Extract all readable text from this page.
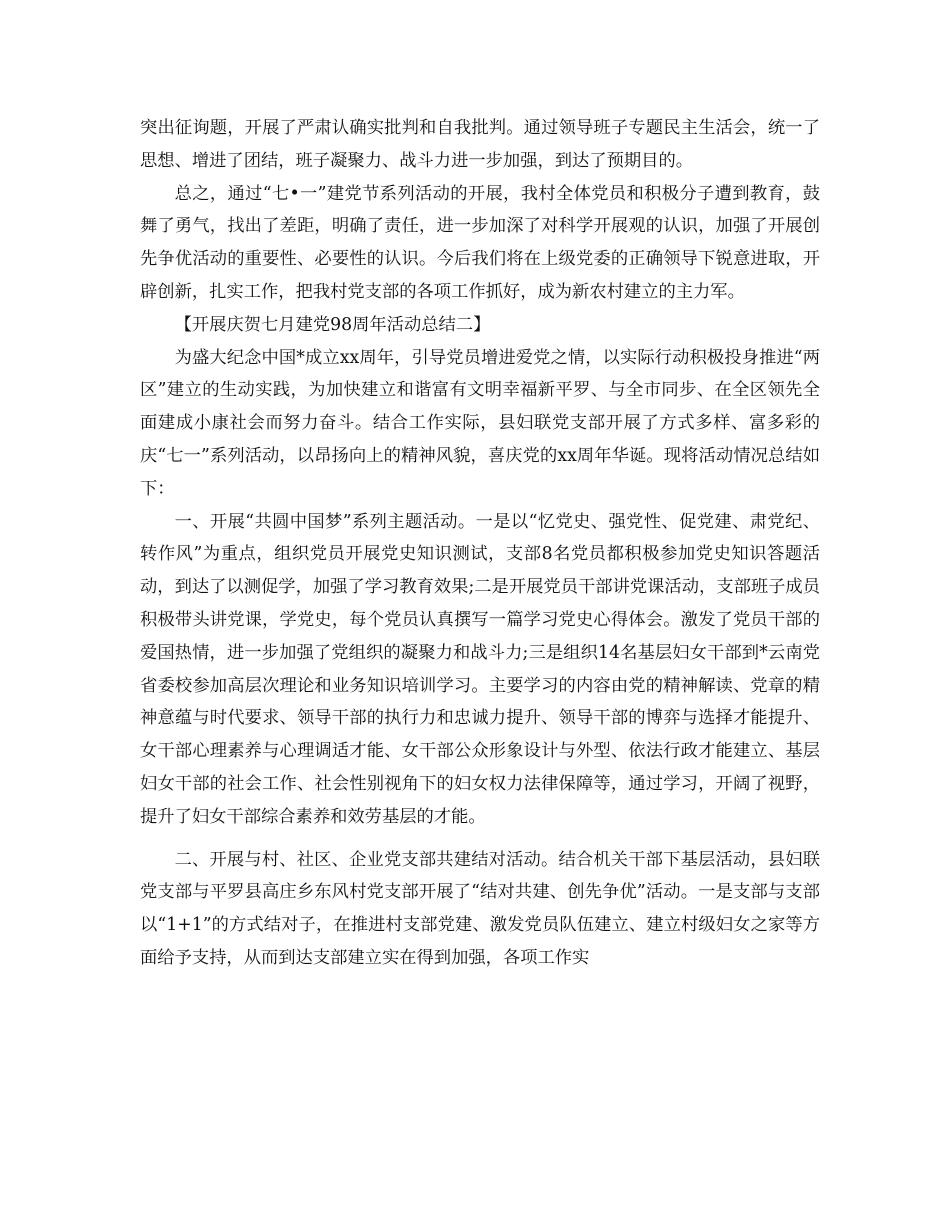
突出征询题，开展了严肃认确实批判和自我批判。通过领导班子专题民主生活会，统一了思想、增进了团结，班子凝聚力、战斗力进一步加强，到达了预期目的。

总之，通过“七•一”建党节系列活动的开展，我村全体党员和积极分子遭到教育，鼓舞了勇气，找出了差距，明确了责任，进一步加深了对科学开展观的认识，加强了开展创先争优活动的重要性、必要性的认识。今后我们将在上级党委的正确领导下锐意进取，开辟创新，扎实工作，把我村党支部的各项工作抓好，成为新农村建立的主力军。

【开展庆贺七月建党98周年活动总结二】

为盛大纪念中国*成立xx周年，引导党员增进爱党之情，以实际行动积极投身推进“两区”建立的生动实践，为加快建立和谐富有文明幸福新平罗、与全市同步、在全区领先全面建成小康社会而努力奋斗。结合工作实际，县妇联党支部开展了方式多样、富多彩的庆“七一”系列活动，以昂扬向上的精神风貌，喜庆党的xx周年华诞。现将活动情况总结如下：

一、开展“共圆中国梦”系列主题活动。一是以“忆党史、强党性、促党建、肃党纪、转作风”为重点，组织党员开展党史知识测试，支部8名党员都积极参加党史知识答题活动，到达了以测促学，加强了学习教育效果;二是开展党员干部讲党课活动，支部班子成员积极带头讲党课，学党史，每个党员认真撰写一篇学习党史心得体会。激发了党员干部的爱国热情，进一步加强了党组织的凝聚力和战斗力;三是组织14名基层妇女干部到*云南党省委校参加高层次理论和业务知识培训学习。主要学习的内容由党的精神解读、党章的精神意蕴与时代要求、领导干部的执行力和忠诚力提升、领导干部的博弈与选择才能提升、女干部心理素养与心理调适才能、女干部公众形象设计与外型、依法行政才能建立、基层妇女干部的社会工作、社会性别视角下的妇女权力法律保障等，通过学习，开阔了视野，提升了妇女干部综合素养和效劳基层的才能。

二、开展与村、社区、企业党支部共建结对活动。结合机关干部下基层活动，县妇联党支部与平罗县高庄乡东风村党支部开展了“结对共建、创先争优”活动。一是支部与支部以“1+1”的方式结对子，在推进村支部党建、激发党员队伍建立、建立村级妇女之家等方面给予支持，从而到达支部建立实在得到加强，各项工作实
